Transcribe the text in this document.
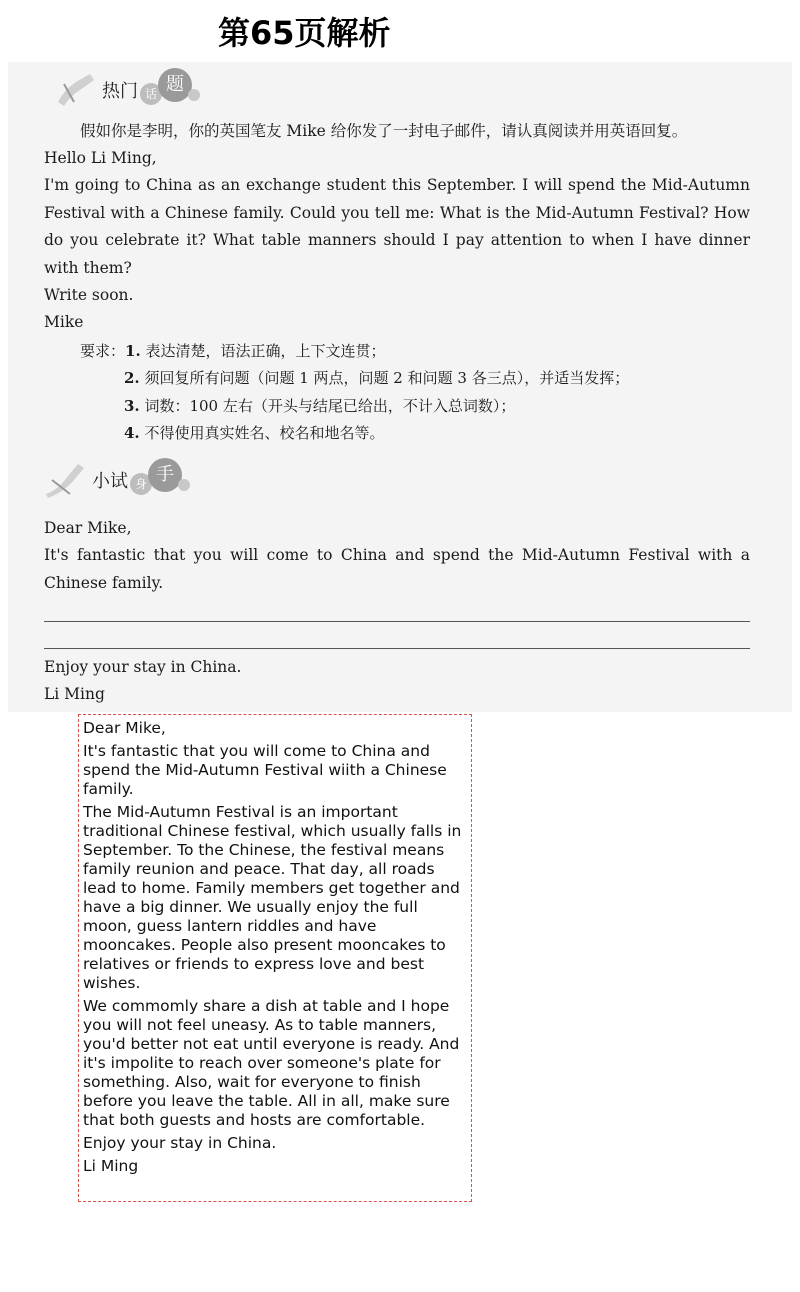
第65页解析
热门 话 题
假如你是李明，你的英国笔友 Mike 给你发了一封电子邮件，请认真阅读并用英语回复。

Hello Li Ming,

I'm going to China as an exchange student this September. I will spend the Mid-Autumn Festival with a Chinese family. Could you tell me: What is the Mid-Autumn Festival? How do you celebrate it? What table manners should I pay attention to when I have dinner with them?

Write soon.

Mike

要求： 1.
表达清楚，语法正确，上下文连贯；
2.
须回复所有问题（问题 1 两点，问题 2 和问题 3 各三点），并适当发挥；
3.
词数：100 左右（开头与结尾已给出，不计入总词数）；
4.
不得使用真实姓名、校名和地名等。
小试 身 手

Dear Mike,

It's fantastic that you will come to China and spend the Mid-Autumn Festival with a Chinese family.

Enjoy your stay in China.

Li Ming

Dear Mike,

It's fantastic that you will come to China and spend the Mid-Autumn Festival wiith a Chinese family.

The Mid-Autumn Festival is an important traditional Chinese festival, which usually falls in September. To the Chinese, the festival means family reunion and peace. That day, all roads lead to home. Family members get together and have a big dinner. We usually enjoy the full moon, guess lantern riddles and have mooncakes. People also present mooncakes to relatives or friends to express love and best wishes.

We commomly share a dish at table and I hope you will not feel uneasy. As to table manners, you'd better not eat until everyone is ready. And it's impolite to reach over someone's plate for something. Also, wait for everyone to finish before you leave the table. All in all, make sure that both guests and hosts are comfortable.

Enjoy your stay in China.

Li Ming
